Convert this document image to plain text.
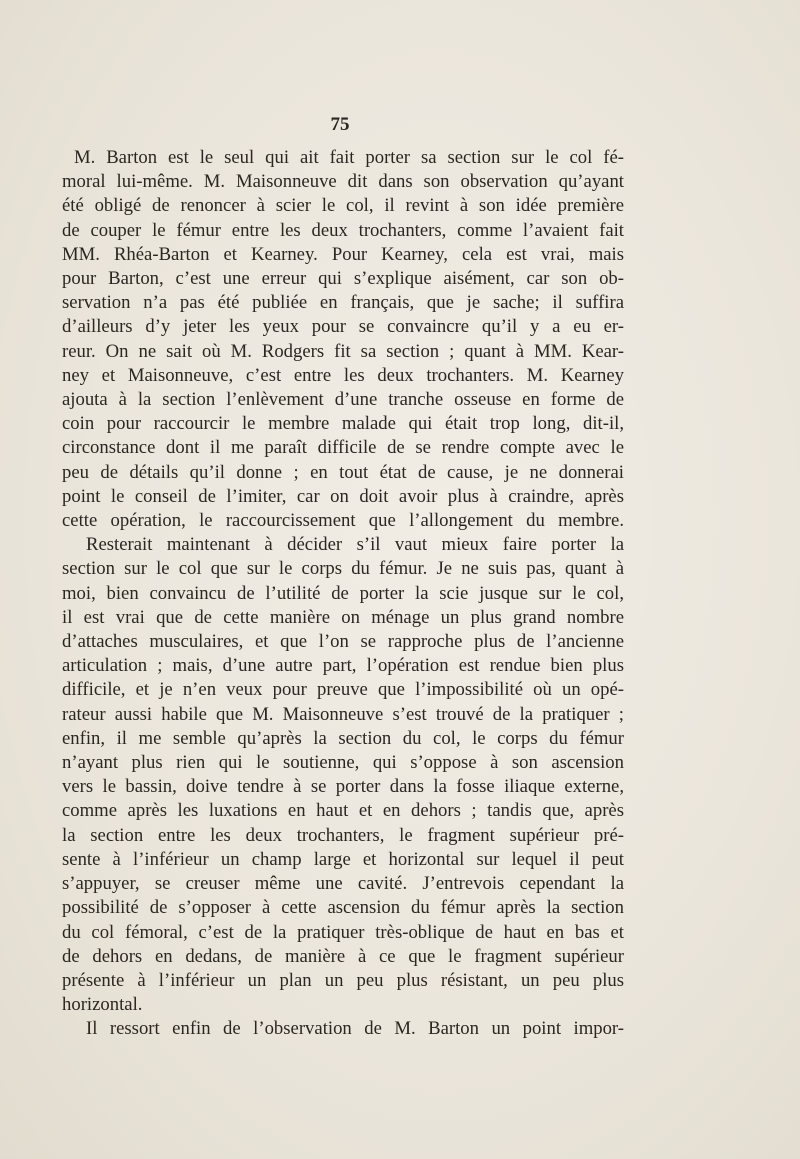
75
M. Barton est le seul qui ait fait porter sa section sur le col fé-
moral lui-même. M. Maisonneuve dit dans son observation qu’ayant
été obligé de renoncer à scier le col, il revint à son idée première
de couper le fémur entre les deux trochanters, comme l’avaient fait
MM. Rhéa-Barton et Kearney. Pour Kearney, cela est vrai, mais
pour Barton, c’est une erreur qui s’explique aisément, car son ob-
servation n’a pas été publiée en français, que je sache; il suffira
d’ailleurs d’y jeter les yeux pour se convaincre qu’il y a eu er-
reur. On ne sait où M. Rodgers fit sa section ; quant à MM. Kear-
ney et Maisonneuve, c’est entre les deux trochanters. M. Kearney
ajouta à la section l’enlèvement d’une tranche osseuse en forme de
coin pour raccourcir le membre malade qui était trop long, dit-il,
circonstance dont il me paraît difficile de se rendre compte avec le
peu de détails qu’il donne ; en tout état de cause, je ne donnerai
point le conseil de l’imiter, car on doit avoir plus à craindre, après
cette opération, le raccourcissement que l’allongement du membre.
Resterait maintenant à décider s’il vaut mieux faire porter la
section sur le col que sur le corps du fémur. Je ne suis pas, quant à
moi, bien convaincu de l’utilité de porter la scie jusque sur le col,
il est vrai que de cette manière on ménage un plus grand nombre
d’attaches musculaires, et que l’on se rapproche plus de l’ancienne
articulation ; mais, d’une autre part, l’opération est rendue bien plus
difficile, et je n’en veux pour preuve que l’impossibilité où un opé-
rateur aussi habile que M. Maisonneuve s’est trouvé de la pratiquer ;
enfin, il me semble qu’après la section du col, le corps du fémur
n’ayant plus rien qui le soutienne, qui s’oppose à son ascension
vers le bassin, doive tendre à se porter dans la fosse iliaque externe,
comme après les luxations en haut et en dehors ; tandis que, après
la section entre les deux trochanters, le fragment supérieur pré-
sente à l’inférieur un champ large et horizontal sur lequel il peut
s’appuyer, se creuser même une cavité. J’entrevois cependant la
possibilité de s’opposer à cette ascension du fémur après la section
du col fémoral, c’est de la pratiquer très-oblique de haut en bas et
de dehors en dedans, de manière à ce que le fragment supérieur
présente à l’inférieur un plan un peu plus résistant, un peu plus
horizontal.
Il ressort enfin de l’observation de M. Barton un point impor-
